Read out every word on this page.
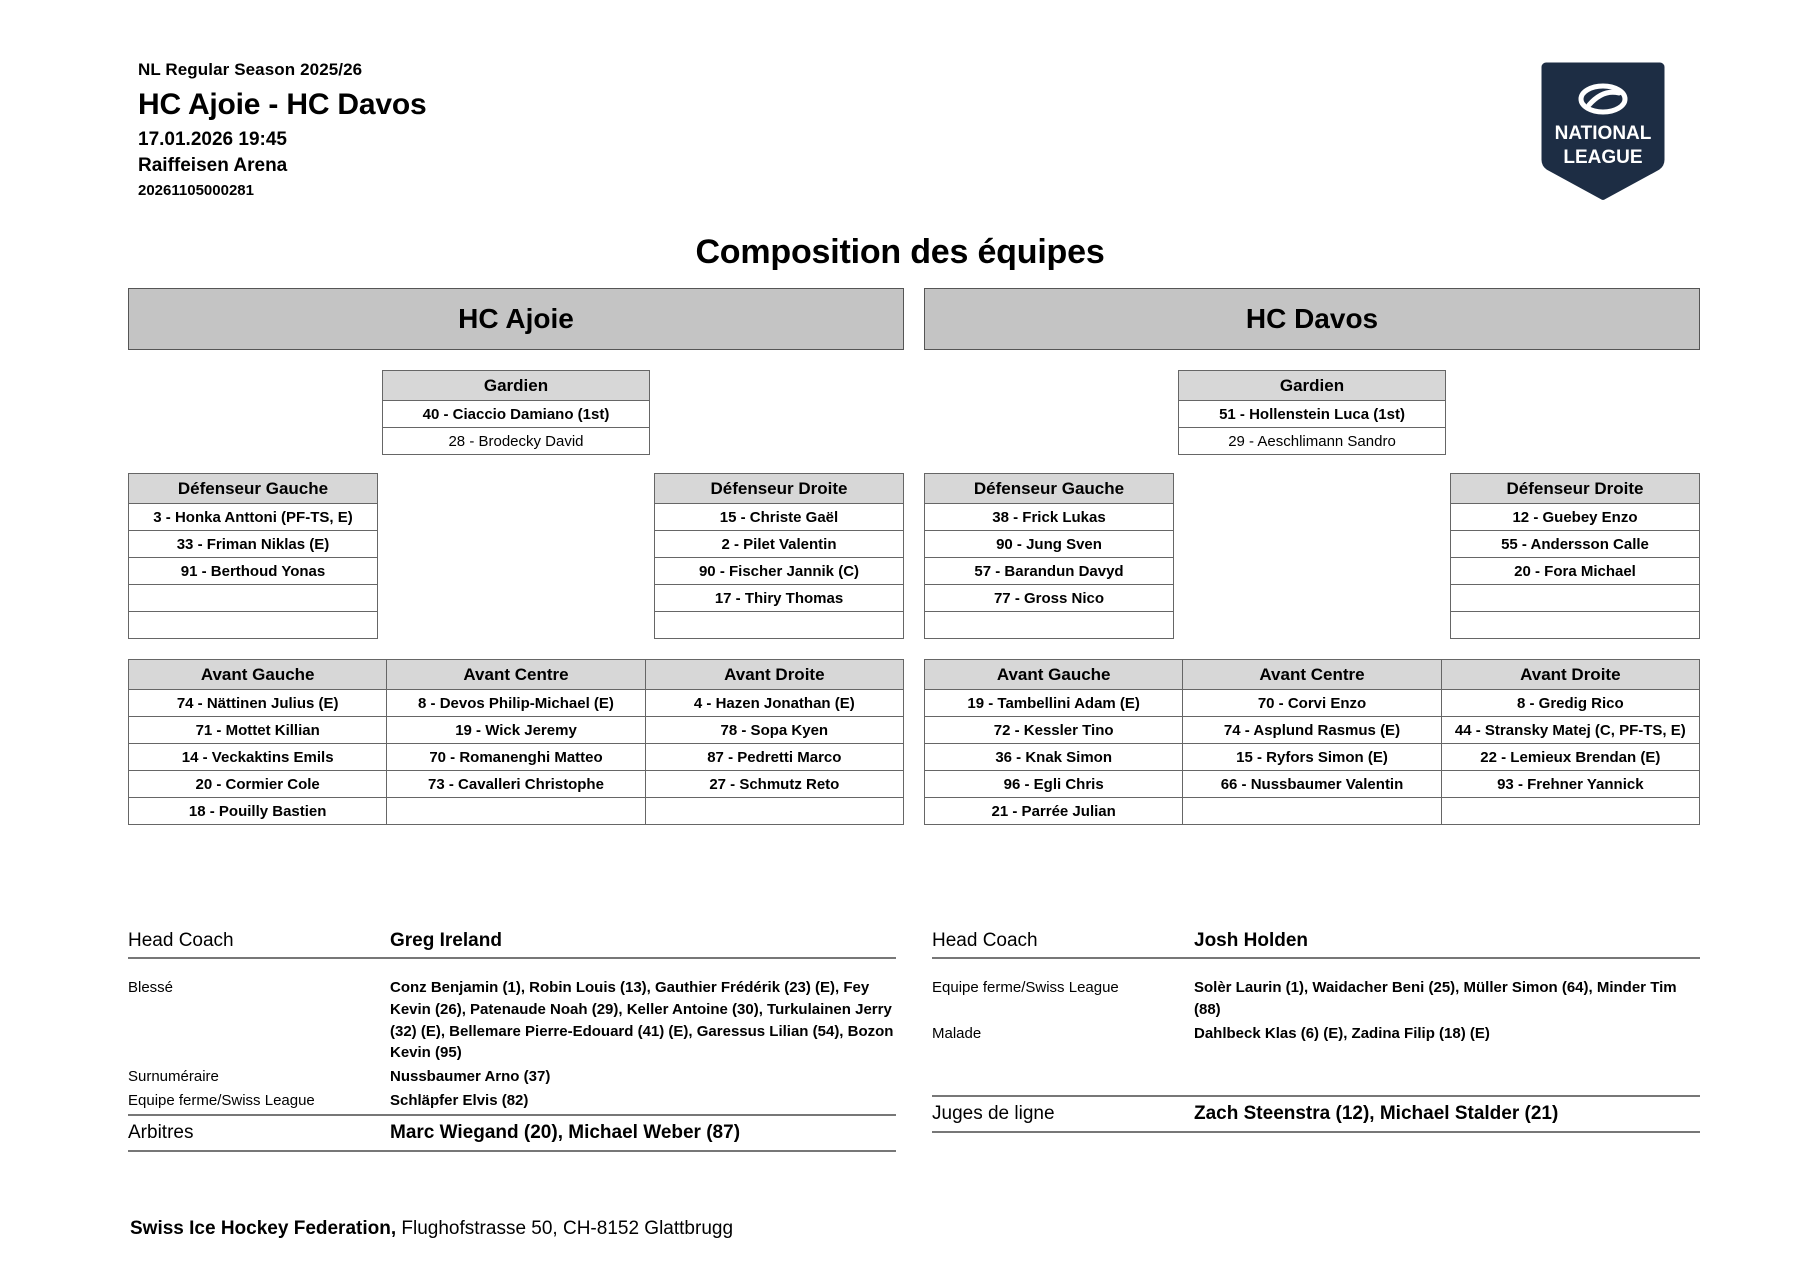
NL Regular Season 2025/26
HC Ajoie - HC Davos
17.01.2026 19:45
Raiffeisen Arena
20261105000281
NATIONAL
LEAGUE
Composition des équipes
HC Ajoie	HC Davos
Gardien
40 - Ciaccio Damiano (1st)
28 - Brodecky David
Défenseur Gauche
3 - Honka Anttoni (PF-TS, E)
33 - Friman Niklas (E)
91 - Berthoud Yonas

Défenseur Droite
15 - Christe Gaël
2 - Pilet Valentin
90 - Fischer Jannik (C)
17 - Thiry Thomas

Avant Gauche	Avant Centre	Avant Droite
74 - Nättinen Julius (E)	8 - Devos Philip-Michael (E)	4 - Hazen Jonathan (E)
71 - Mottet Killian	19 - Wick Jeremy	78 - Sopa Kyen
14 - Veckaktins Emils	70 - Romanenghi Matteo	87 - Pedretti Marco
20 - Cormier Cole	73 - Cavalleri Christophe	27 - Schmutz Reto
18 - Pouilly Bastien		
Gardien
51 - Hollenstein Luca (1st)
29 - Aeschlimann Sandro
Défenseur Gauche
38 - Frick Lukas
90 - Jung Sven
57 - Barandun Davyd
77 - Gross Nico

Défenseur Droite
12 - Guebey Enzo
55 - Andersson Calle
20 - Fora Michael

Avant Gauche	Avant Centre	Avant Droite
19 - Tambellini Adam (E)	70 - Corvi Enzo	8 - Gredig Rico
72 - Kessler Tino	74 - Asplund Rasmus (E)	44 - Stransky Matej (C, PF-TS, E)
36 - Knak Simon	15 - Ryfors Simon (E)	22 - Lemieux Brendan (E)
96 - Egli Chris	66 - Nussbaumer Valentin	93 - Frehner Yannick
21 - Parrée Julian		
Head Coach	Greg Ireland
Blessé	Conz Benjamin (1), Robin Louis (13), Gauthier Frédérik (23) (E), Fey Kevin (26), Patenaude Noah (29), Keller Antoine (30), Turkulainen Jerry (32) (E), Bellemare Pierre-Edouard (41) (E), Garessus Lilian (54), Bozon Kevin (95)
Surnuméraire	Nussbaumer Arno (37)
Equipe ferme/Swiss League	Schläpfer Elvis (82)
Arbitres	Marc Wiegand (20), Michael Weber (87)
Head Coach	Josh Holden
Equipe ferme/Swiss League	Solèr Laurin (1), Waidacher Beni (25), Müller Simon (64), Minder Tim (88)
Malade	Dahlbeck Klas (6) (E), Zadina Filip (18) (E)
Juges de ligne	Zach Steenstra (12), Michael Stalder (21)
Swiss Ice Hockey Federation, Flughofstrasse 50, CH-8152 Glattbrugg
